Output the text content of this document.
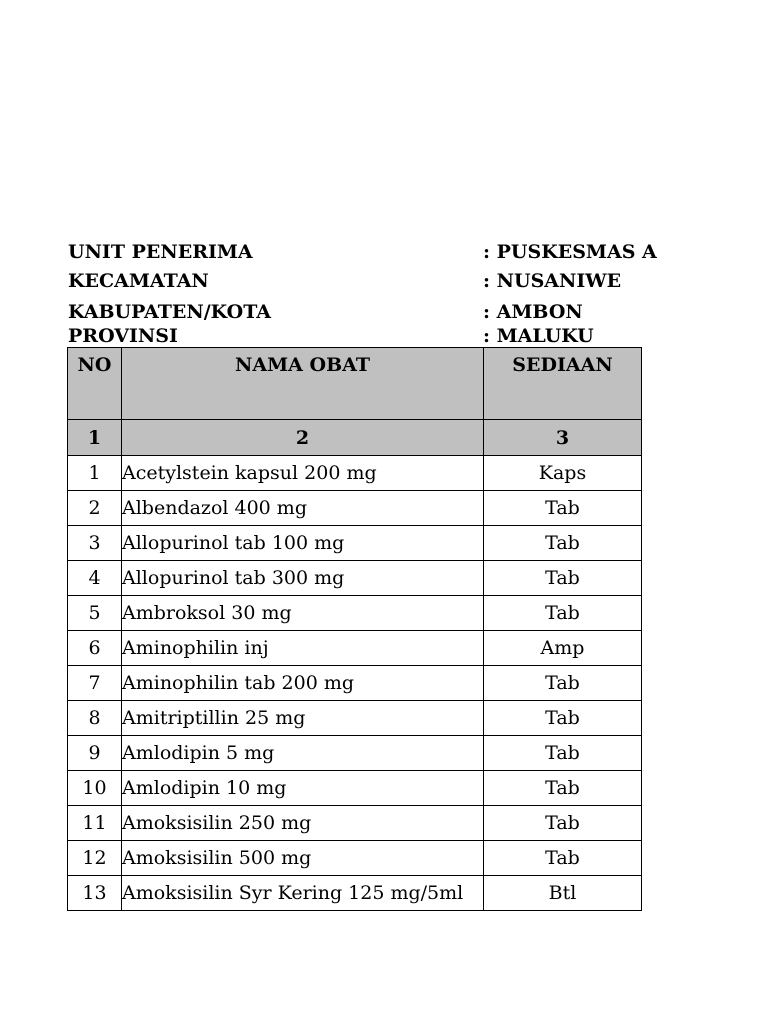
UNIT PENERIMA	: PUSKESMAS A
KECAMATAN	: NUSANIWE
KABUPATEN/KOTA	: AMBON
PROVINSI	: MALUKU
NO	NAMA OBAT	SEDIAAN
1	2	3
1	Acetylstein kapsul 200 mg	Kaps
2	Albendazol 400 mg	Tab
3	Allopurinol tab 100 mg	Tab
4	Allopurinol tab 300 mg	Tab
5	Ambroksol 30 mg	Tab
6	Aminophilin inj	Amp
7	Aminophilin tab 200 mg	Tab
8	Amitriptillin 25 mg	Tab
9	Amlodipin 5 mg	Tab
10	Amlodipin 10 mg	Tab
11	Amoksisilin 250 mg	Tab
12	Amoksisilin 500 mg	Tab
13	Amoksisilin Syr Kering 125 mg/5ml	Btl
